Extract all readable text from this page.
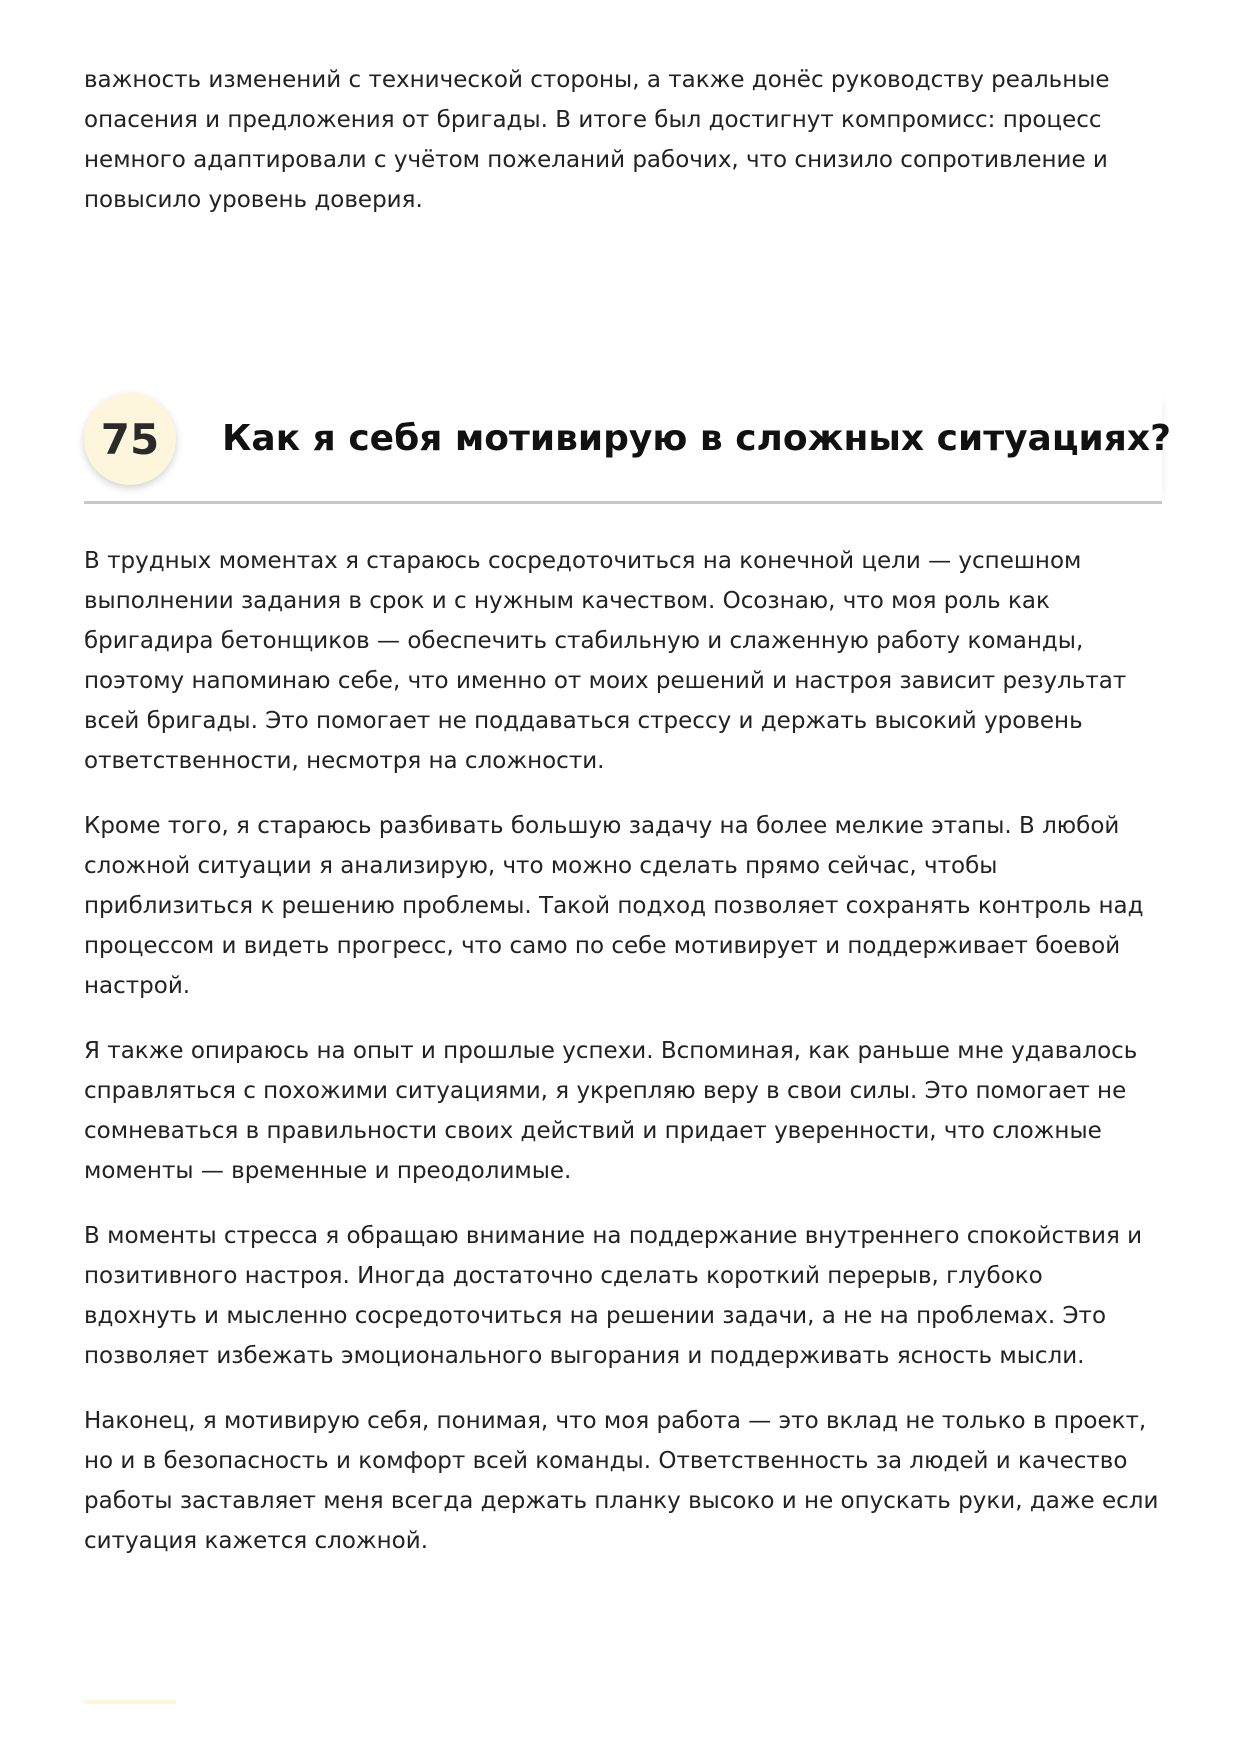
важность изменений с технической стороны, а также донёс руководству реальные опасения и предложения от бригады. В итоге был достигнут компромисс: процесс немного адаптировали с учётом пожеланий рабочих, что снизило сопротивление и повысило уровень доверия.

75	Как я себя мотивирую в сложных ситуациях?

В трудных моментах я стараюсь сосредоточиться на конечной цели — успешном выполнении задания в срок и с нужным качеством. Осознаю, что моя роль как бригадира бетонщиков — обеспечить стабильную и слаженную работу команды, поэтому напоминаю себе, что именно от моих решений и настроя зависит результат всей бригады. Это помогает не поддаваться стрессу и держать высокий уровень ответственности, несмотря на сложности.

Кроме того, я стараюсь разбивать большую задачу на более мелкие этапы. В любой сложной ситуации я анализирую, что можно сделать прямо сейчас, чтобы приблизиться к решению проблемы. Такой подход позволяет сохранять контроль над процессом и видеть прогресс, что само по себе мотивирует и поддерживает боевой настрой.

Я также опираюсь на опыт и прошлые успехи. Вспоминая, как раньше мне удавалось справляться с похожими ситуациями, я укрепляю веру в свои силы. Это помогает не сомневаться в правильности своих действий и придает уверенности, что сложные моменты — временные и преодолимые.

В моменты стресса я обращаю внимание на поддержание внутреннего спокойствия и позитивного настроя. Иногда достаточно сделать короткий перерыв, глубоко вдохнуть и мысленно сосредоточиться на решении задачи, а не на проблемах. Это позволяет избежать эмоционального выгорания и поддерживать ясность мысли.

Наконец, я мотивирую себя, понимая, что моя работа — это вклад не только в проект, но и в безопасность и комфорт всей команды. Ответственность за людей и качество работы заставляет меня всегда держать планку высоко и не опускать руки, даже если ситуация кажется сложной.
